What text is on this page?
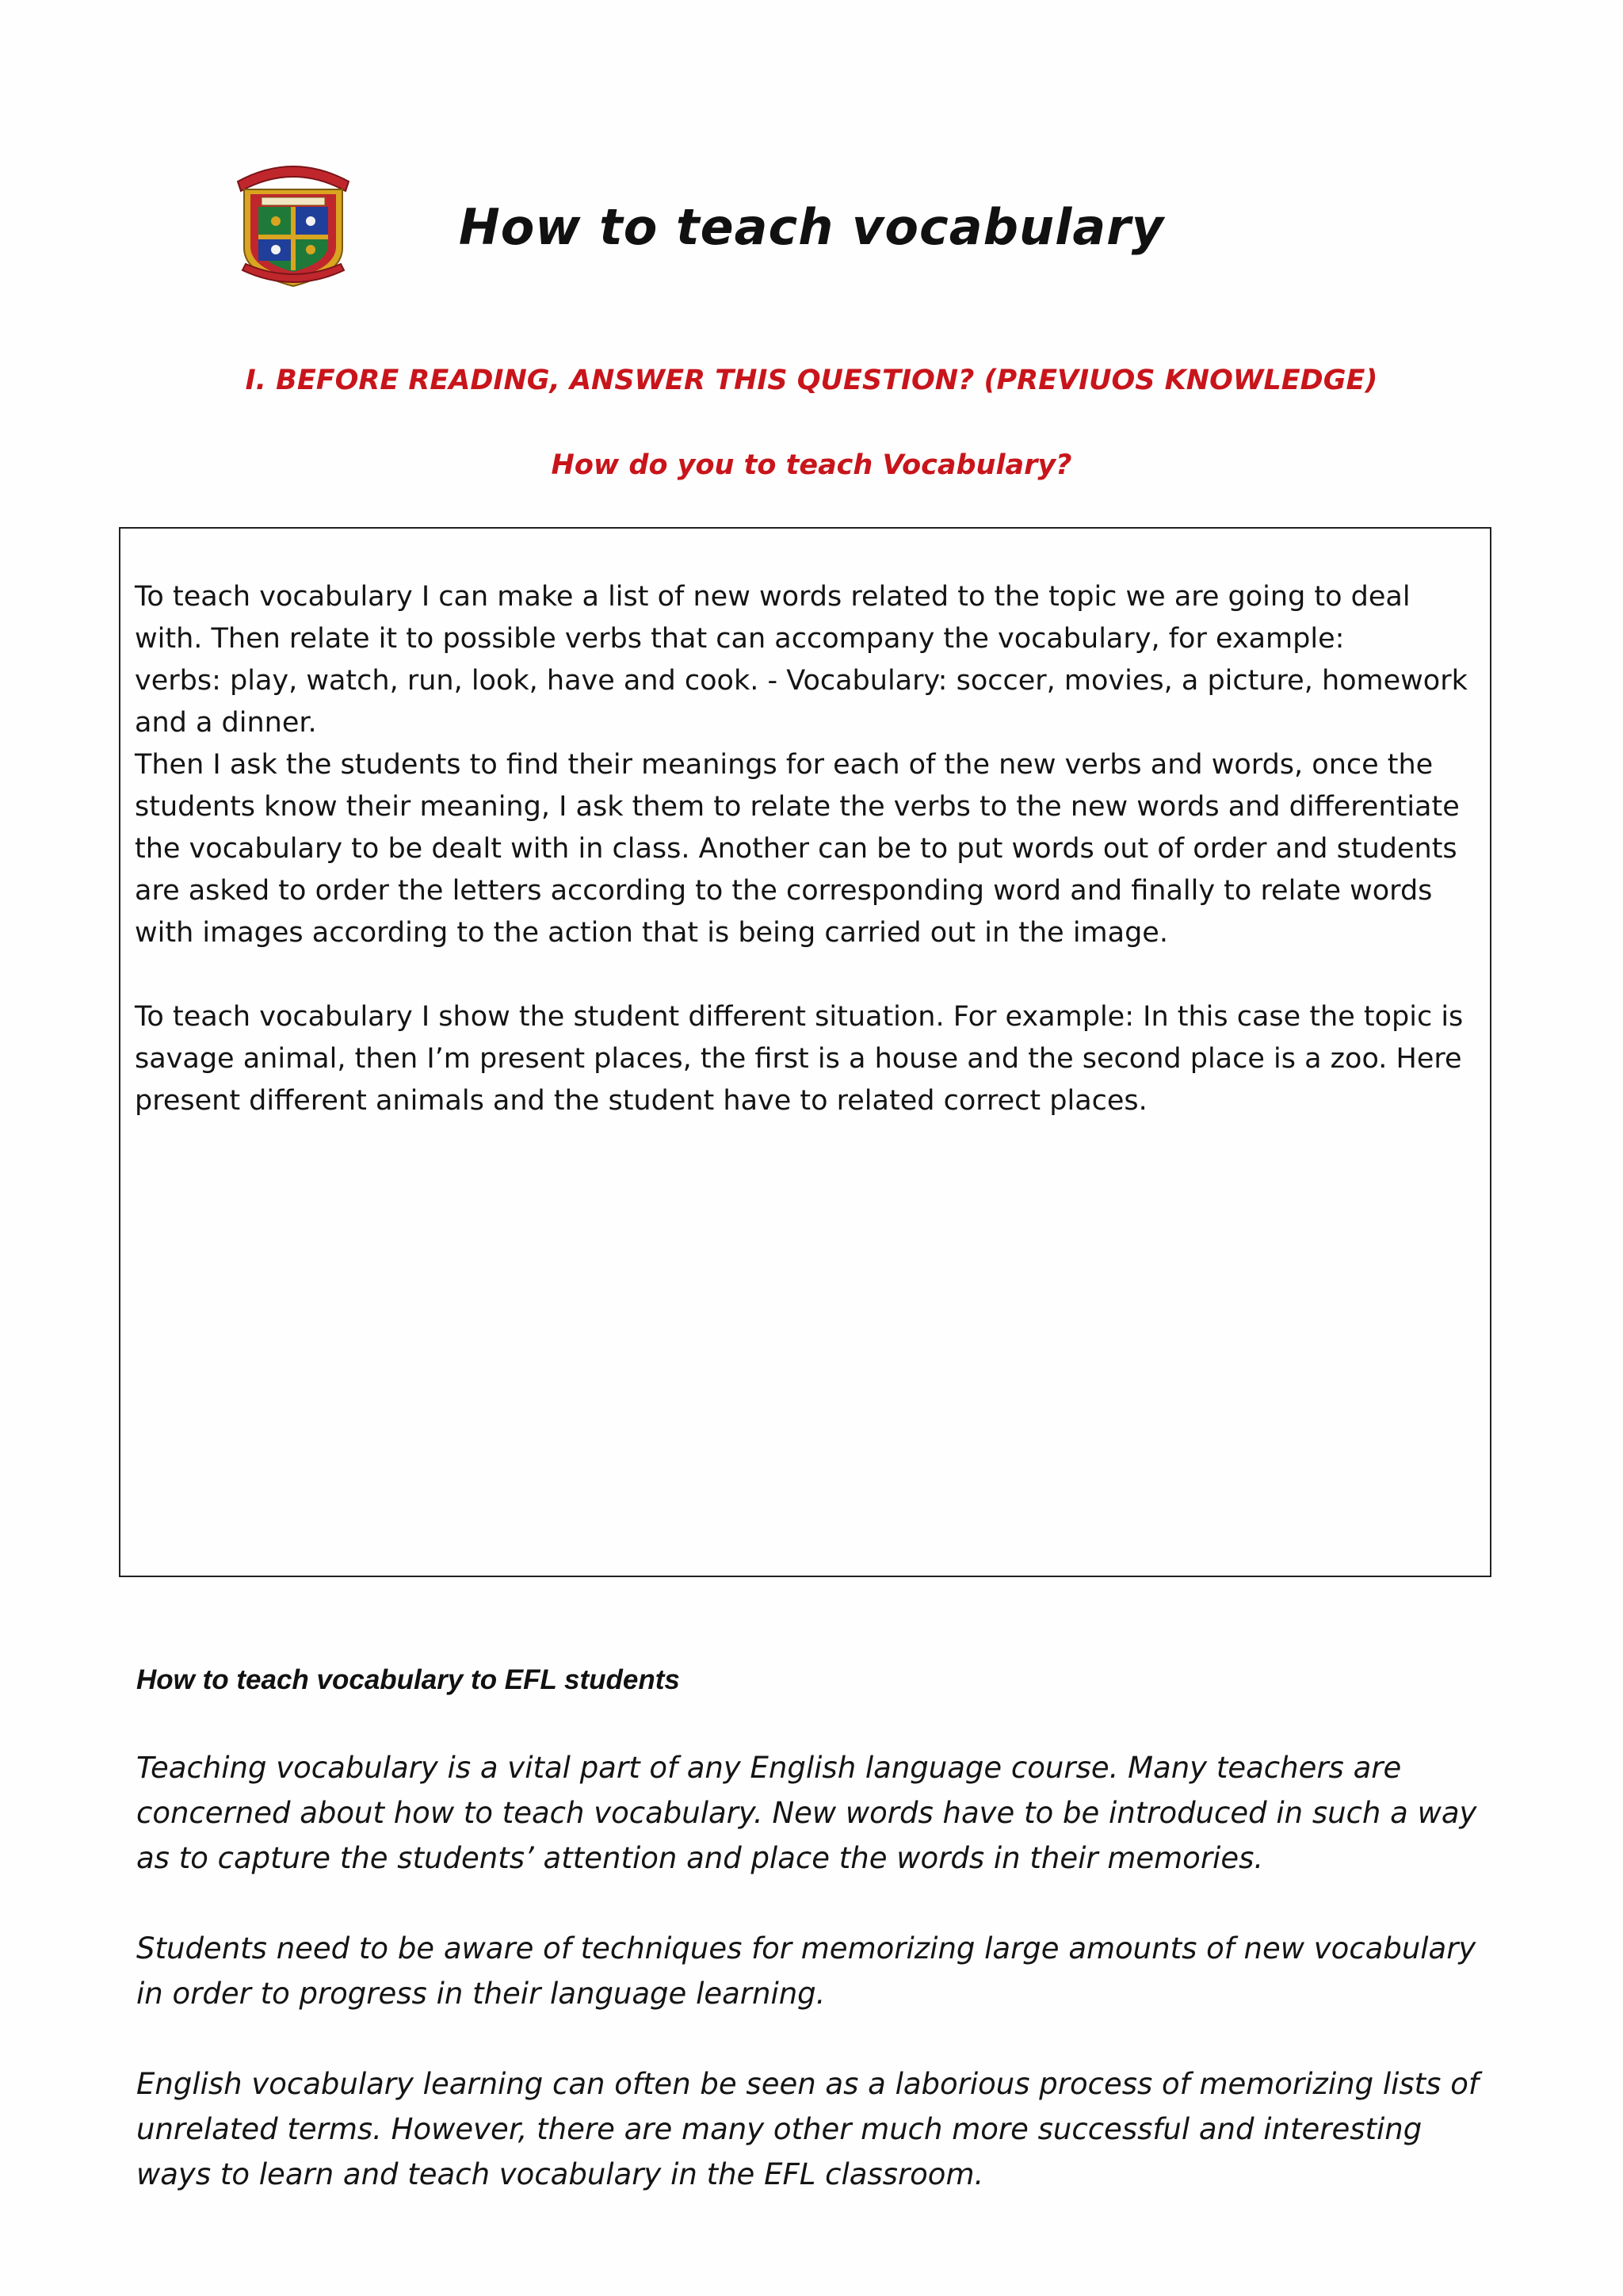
How to teach vocabulary

I. BEFORE READING, ANSWER THIS QUESTION? (PREVIUOS KNOWLEDGE)

How do you to teach Vocabulary?

To teach vocabulary I can make a list of new words related to the topic we are going to deal with. Then relate it to possible verbs that can accompany the vocabulary, for example:

verbs: play, watch, run, look, have and cook. - Vocabulary: soccer, movies, a picture, homework and a dinner.

Then I ask the students to find their meanings for each of the new verbs and words, once the students know their meaning, I ask them to relate the verbs to the new words and differentiate the vocabulary to be dealt with in class. Another can be to put words out of order and students are asked to order the letters according to the corresponding word and finally to relate words with images according to the action that is being carried out in the image.

To teach vocabulary I show the student different situation. For example: In this case the topic is savage animal, then I’m present places, the first is a house and the second place is a zoo. Here present different animals and the student have to related correct places.

How to teach vocabulary to EFL students

Teaching vocabulary is a vital part of any English language course. Many teachers are concerned about how to teach vocabulary. New words have to be introduced in such a way as to capture the students’ attention and place the words in their memories.

Students need to be aware of techniques for memorizing large amounts of new vocabulary in order to progress in their language learning.

English vocabulary learning can often be seen as a laborious process of memorizing lists of unrelated terms. However, there are many other much more successful and interesting ways to learn and teach vocabulary in the EFL classroom.
